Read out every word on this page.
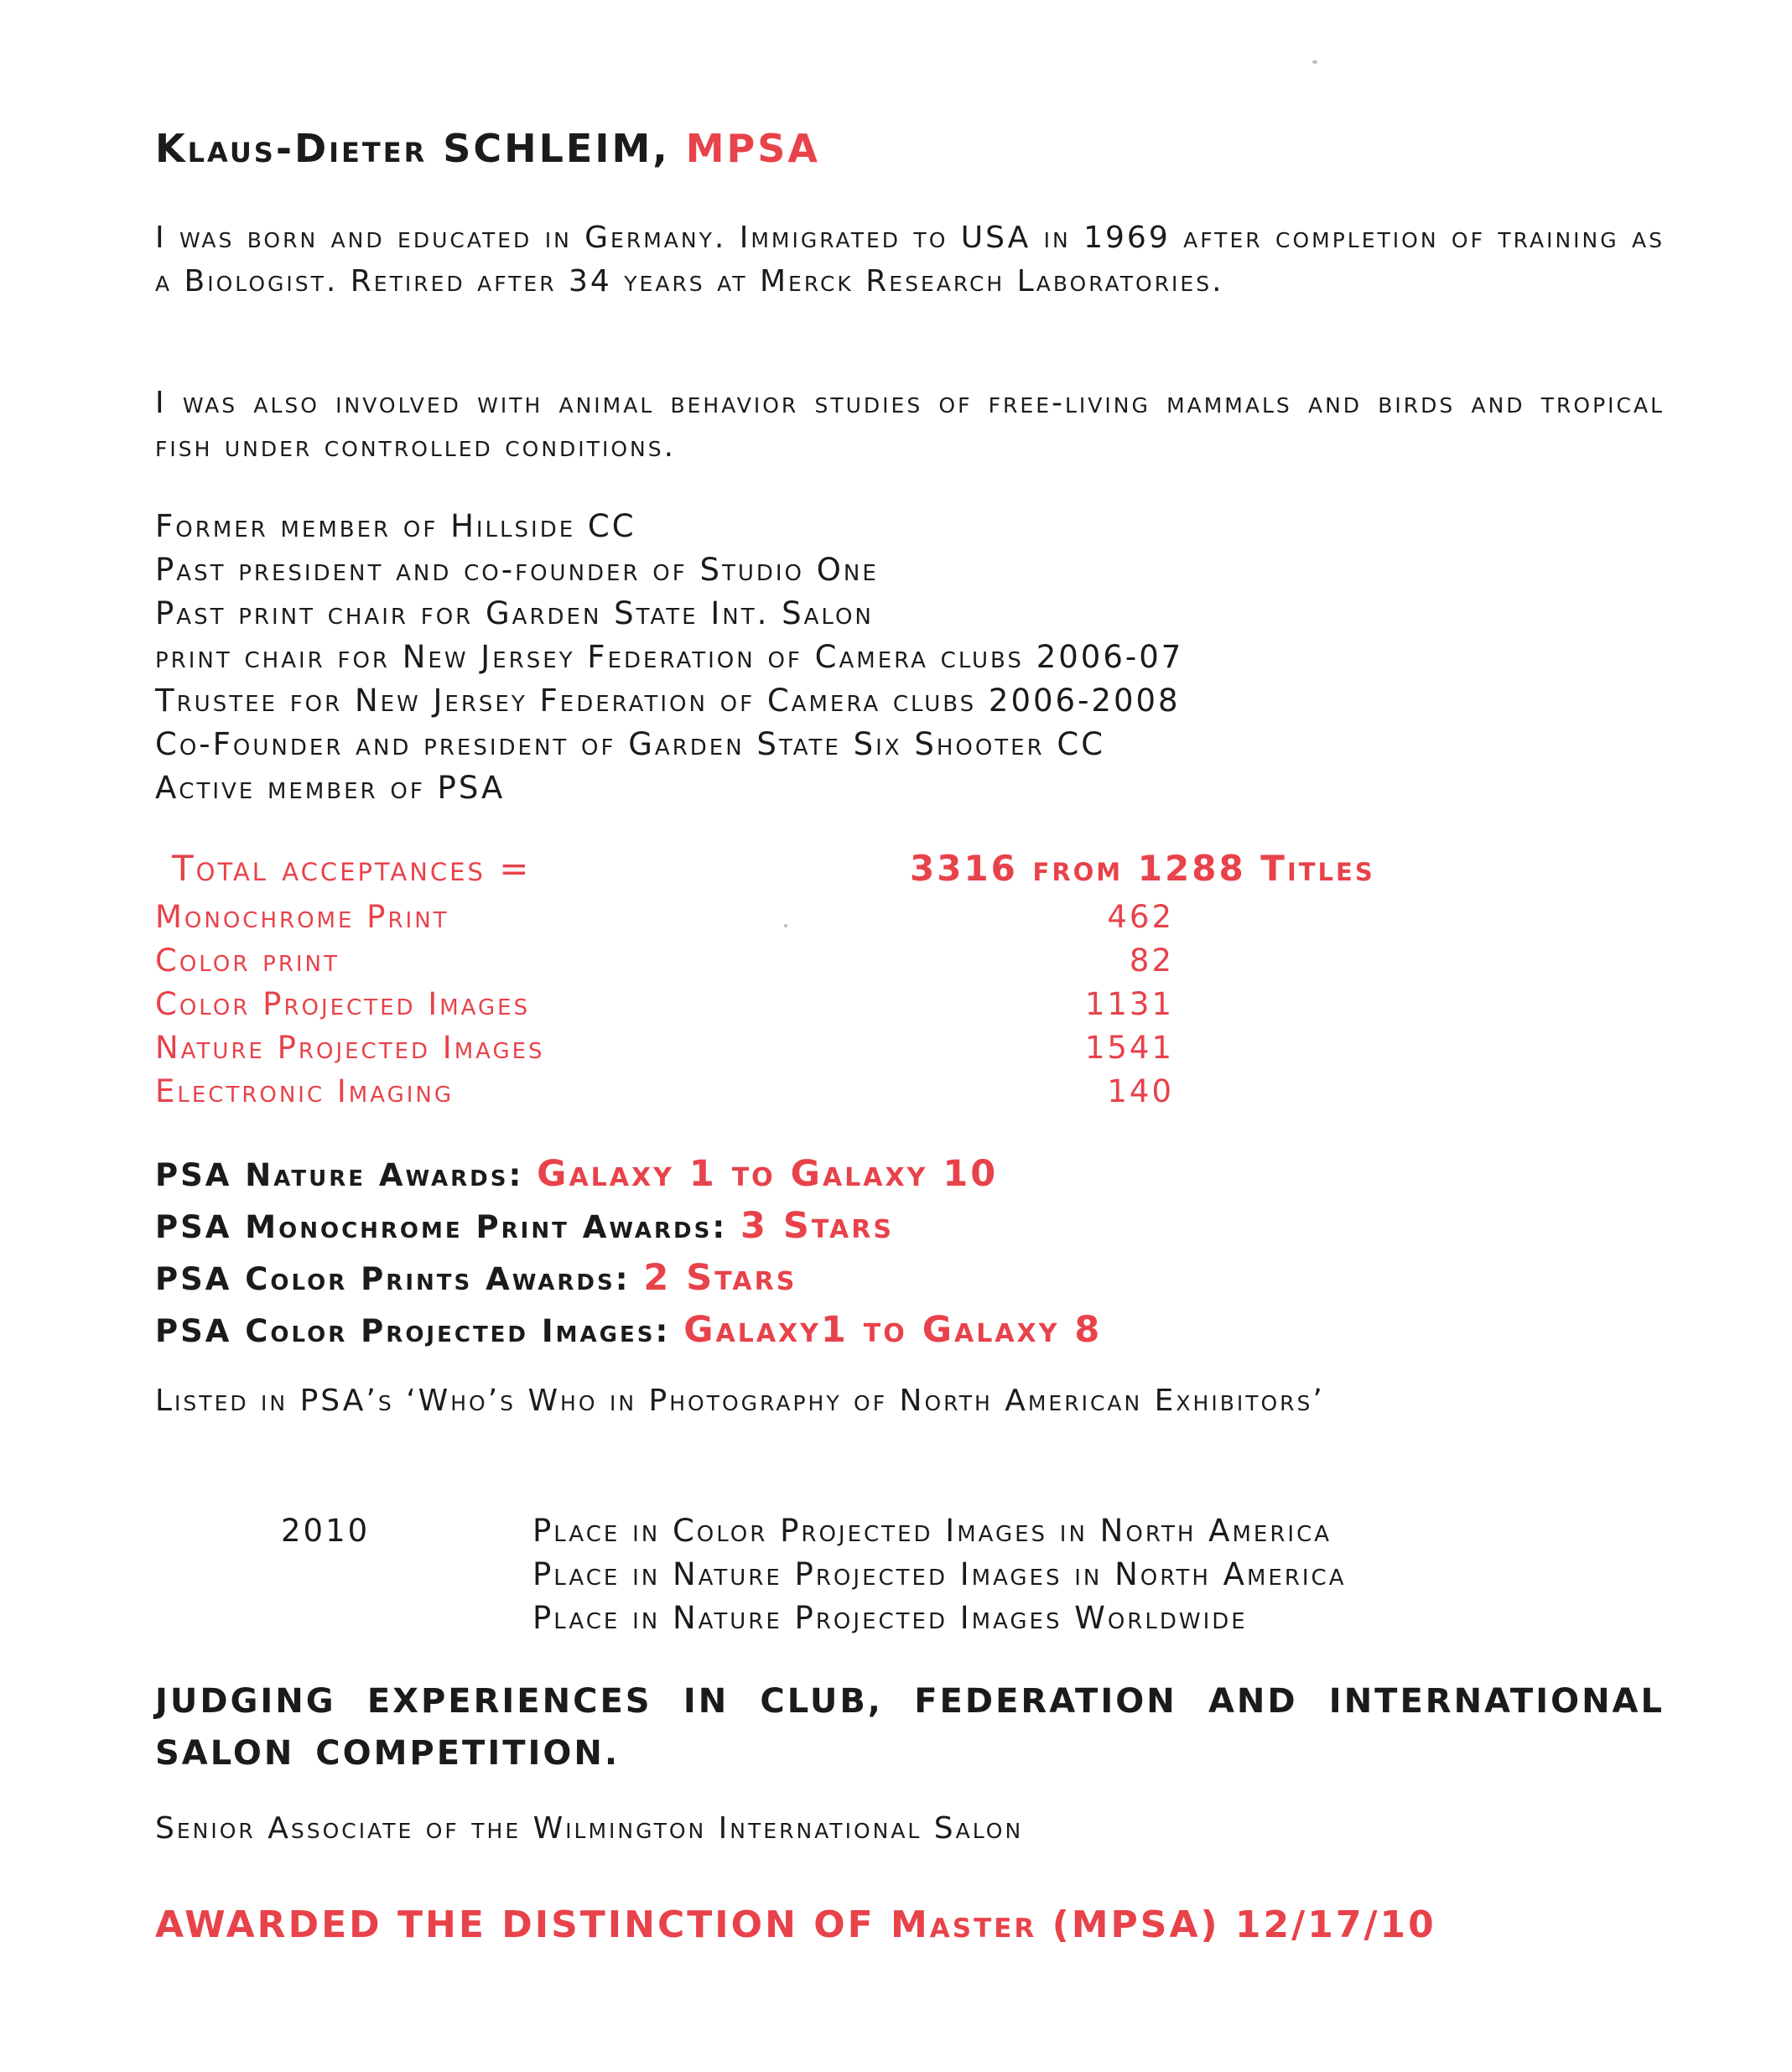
Klaus-Dieter SCHLEIM, MPSA
I was born and educated in Germany. Immigrated to USA in 1969 after completion of training as a Biologist. Retired after 34 years at Merck Research Laboratories.
I was also involved with animal behavior studies of free-living mammals and birds and tropical fish under controlled conditions.
Former member of Hillside CC
Past president and co-founder of Studio One
Past print chair for Garden State Int. Salon
print chair for New Jersey Federation of Camera clubs 2006-07
Trustee for New Jersey Federation of Camera clubs 2006-2008
Co-Founder and president of Garden State Six Shooter CC
Active member of PSA
Total acceptances =	3316 from 1288 Titles
Monochrome Print	462
Color print	82
Color Projected Images	1131
Nature Projected Images	1541
Electronic Imaging	140
PSA Nature Awards: Galaxy 1 to Galaxy 10
PSA Monochrome Print Awards: 3 Stars
PSA Color Prints Awards: 2 Stars
PSA Color Projected Images: Galaxy1 to Galaxy 8
Listed in PSA’s ‘Who’s Who in Photography of North American Exhibitors’
2010	Place in Color Projected Images in North America
Place in Nature Projected Images in North America
Place in Nature Projected Images Worldwide
JUDGING EXPERIENCES IN CLUB, FEDERATION AND INTERNATIONAL SALON COMPETITION.
Senior Associate of the Wilmington International Salon
AWARDED THE DISTINCTION OF Master (MPSA) 12/17/10
